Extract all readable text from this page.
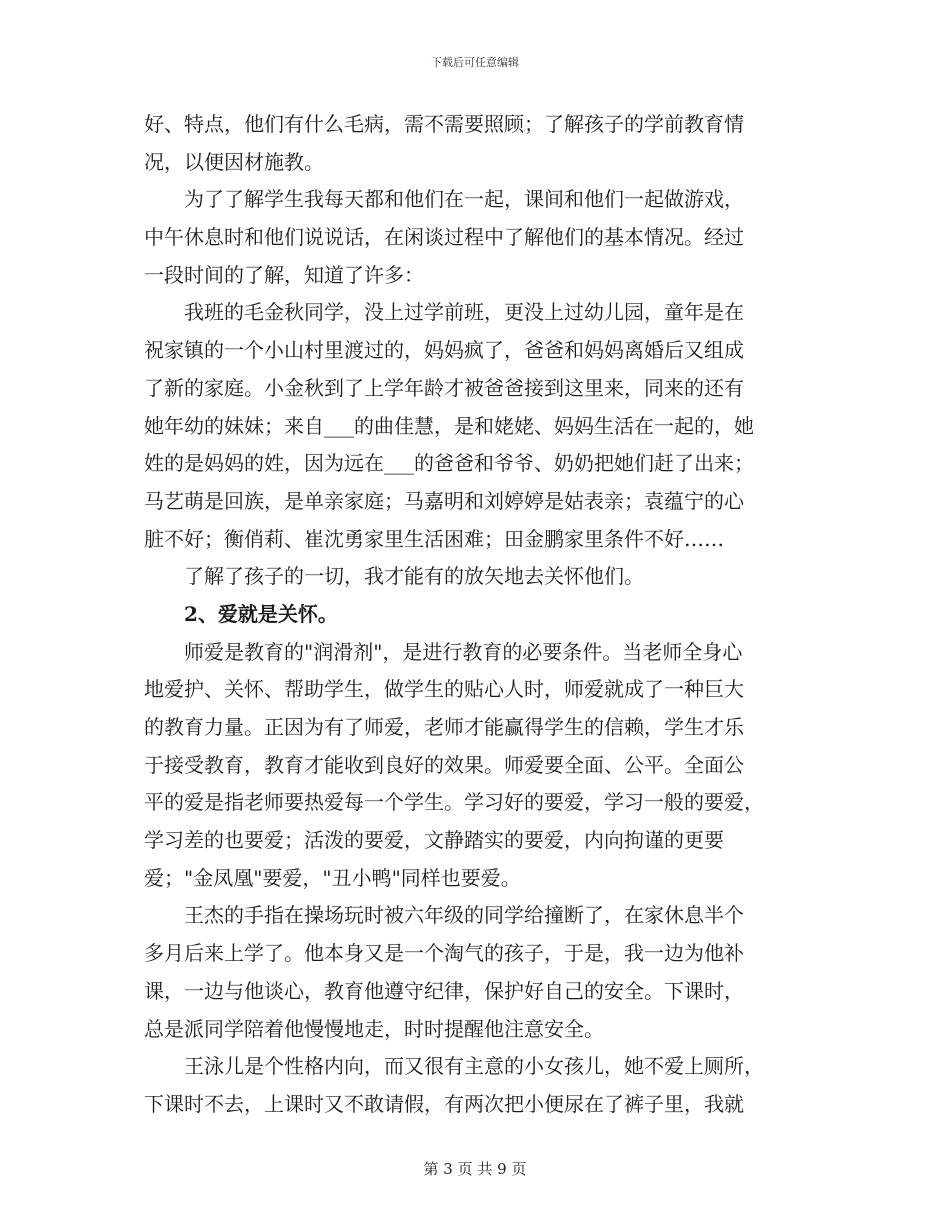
下载后可任意编辑
好、特点，他们有什么毛病，需不需要照顾；了解孩子的学前教育情
况，以便因材施教。
为了了解学生我每天都和他们在一起，课间和他们一起做游戏，
中午休息时和他们说说话，在闲谈过程中了解他们的基本情况。经过
一段时间的了解，知道了许多：
我班的毛金秋同学，没上过学前班，更没上过幼儿园，童年是在
祝家镇的一个小山村里渡过的，妈妈疯了，爸爸和妈妈离婚后又组成
了新的家庭。小金秋到了上学年龄才被爸爸接到这里来，同来的还有
她年幼的妹妹；来自___的曲佳慧，是和姥姥、妈妈生活在一起的，她
姓的是妈妈的姓，因为远在___的爸爸和爷爷、奶奶把她们赶了出来；
马艺萌是回族，是单亲家庭；马嘉明和刘婷婷是姑表亲；袁蕴宁的心
脏不好；衡俏莉、崔沈勇家里生活困难；田金鹏家里条件不好……
了解了孩子的一切，我才能有的放矢地去关怀他们。
2、爱就是关怀。
师爱是教育的"润滑剂"，是进行教育的必要条件。当老师全身心
地爱护、关怀、帮助学生，做学生的贴心人时，师爱就成了一种巨大
的教育力量。正因为有了师爱，老师才能赢得学生的信赖，学生才乐
于接受教育，教育才能收到良好的效果。师爱要全面、公平。全面公
平的爱是指老师要热爱每一个学生。学习好的要爱，学习一般的要爱，
学习差的也要爱；活泼的要爱，文静踏实的要爱，内向拘谨的更要
爱；"金凤凰"要爱，"丑小鸭"同样也要爱。
王杰的手指在操场玩时被六年级的同学给撞断了，在家休息半个
多月后来上学了。他本身又是一个淘气的孩子，于是，我一边为他补
课，一边与他谈心，教育他遵守纪律，保护好自己的安全。下课时，
总是派同学陪着他慢慢地走，时时提醒他注意安全。
王泳儿是个性格内向，而又很有主意的小女孩儿，她不爱上厕所，
下课时不去，上课时又不敢请假，有两次把小便尿在了裤子里，我就
第 3 页 共 9 页
